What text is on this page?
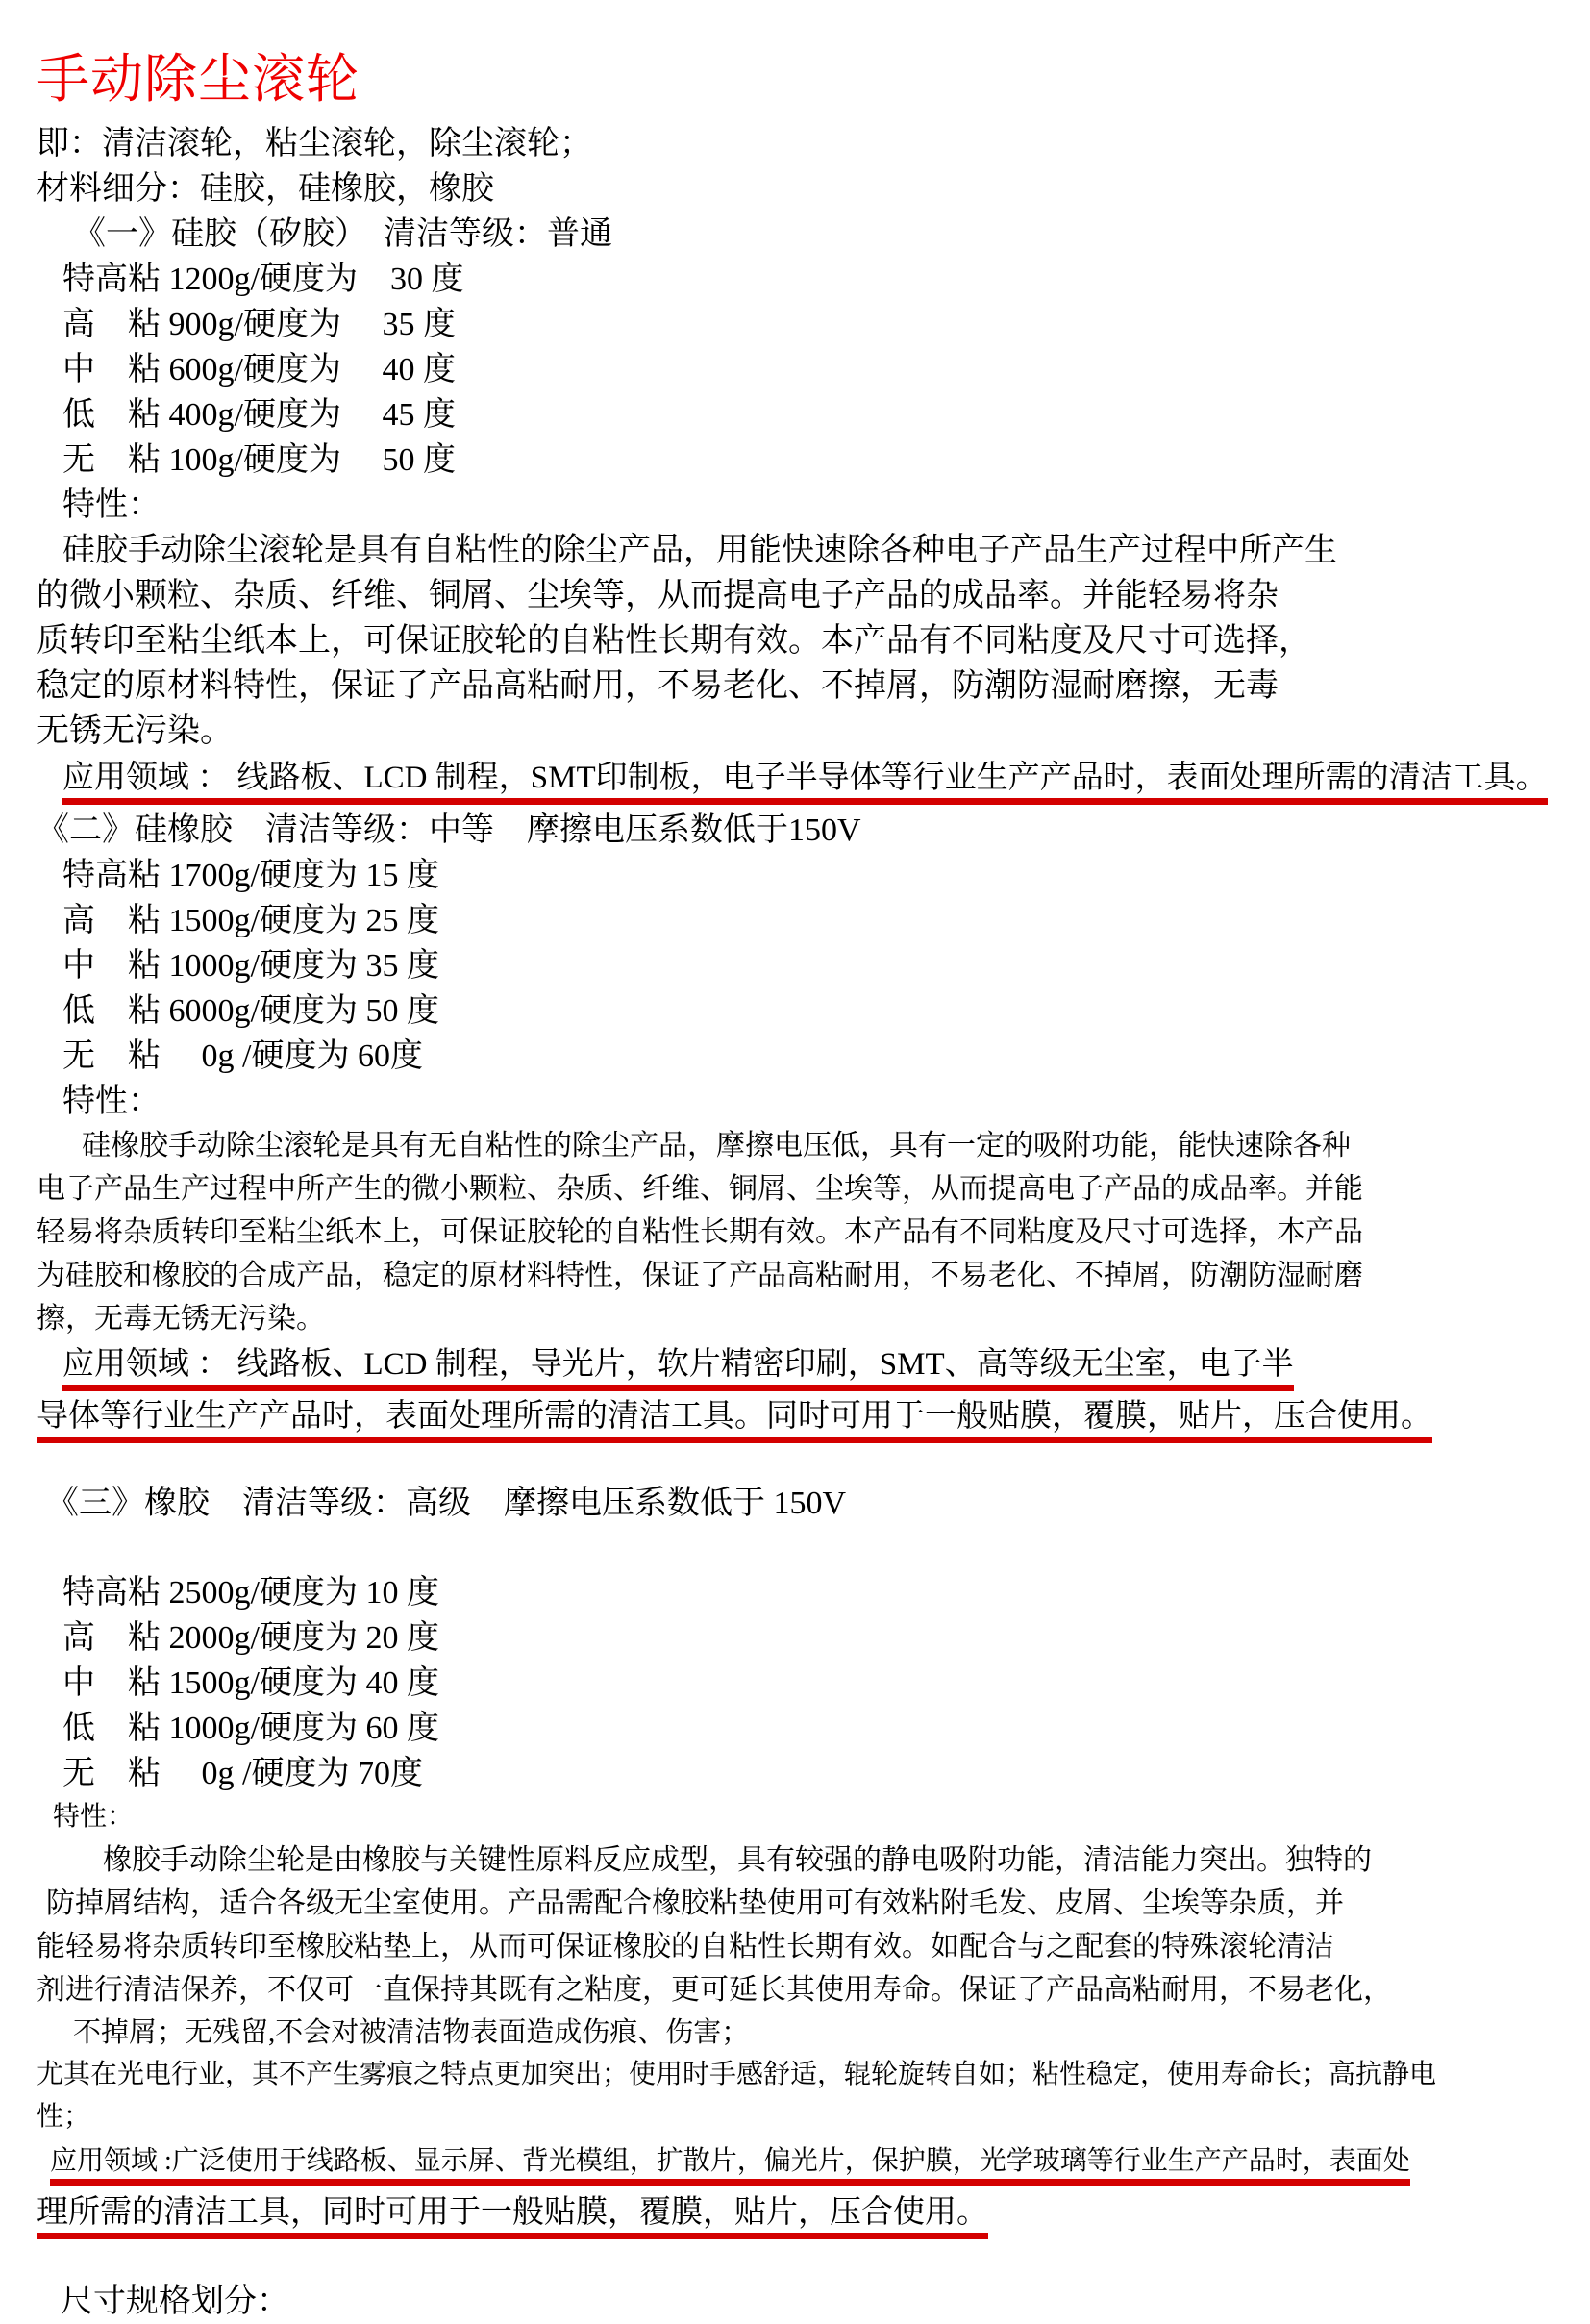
手动除尘滚轮
即：清洁滚轮，粘尘滚轮，除尘滚轮；
材料细分：硅胶，硅橡胶，橡胶
《一》硅胶（矽胶）　清洁等级：普通
特高粘 1200g/硬度为　30 度
高　粘 900g/硬度为　 35 度
中　粘 600g/硬度为　 40 度
低　粘 400g/硬度为　 45 度
无　粘 100g/硬度为　 50 度
特性：
硅胶手动除尘滚轮是具有自粘性的除尘产品，用能快速除各种电子产品生产过程中所产生
的微小颗粒、杂质、纤维、铜屑、尘埃等，从而提高电子产品的成品率。并能轻易将杂
质转印至粘尘纸本上，可保证胶轮的自粘性长期有效。本产品有不同粘度及尺寸可选择，
稳定的原材料特性，保证了产品高粘耐用，不易老化、不掉屑，防潮防湿耐磨擦，无毒
无锈无污染。
应用领域 ： 线路板、LCD 制程，SMT印制板，电子半导体等行业生产产品时，表面处理所需的清洁工具。
《二》硅橡胶　清洁等级：中等　摩擦电压系数低于150V
特高粘 1700g/硬度为 15 度
高　粘 1500g/硬度为 25 度
中　粘 1000g/硬度为 35 度
低　粘 6000g/硬度为 50 度
无　粘　 0g /硬度为 60度
特性：
硅橡胶手动除尘滚轮是具有无自粘性的除尘产品，摩擦电压低，具有一定的吸附功能，能快速除各种
电子产品生产过程中所产生的微小颗粒、杂质、纤维、铜屑、尘埃等，从而提高电子产品的成品率。并能
轻易将杂质转印至粘尘纸本上，可保证胶轮的自粘性长期有效。本产品有不同粘度及尺寸可选择，本产品
为硅胶和橡胶的合成产品，稳定的原材料特性，保证了产品高粘耐用，不易老化、不掉屑，防潮防湿耐磨
擦，无毒无锈无污染。
应用领域 ： 线路板、LCD 制程，导光片，软片精密印刷，SMT、高等级无尘室，电子半
导体等行业生产产品时，表面处理所需的清洁工具。同时可用于一般贴膜，覆膜，贴片，压合使用。
《三》橡胶　清洁等级：高级　摩擦电压系数低于 150V
特高粘 2500g/硬度为 10 度
高　粘 2000g/硬度为 20 度
中　粘 1500g/硬度为 40 度
低　粘 1000g/硬度为 60 度
无　粘　 0g /硬度为 70度
特性：
橡胶手动除尘轮是由橡胶与关键性原料反应成型，具有较强的静电吸附功能，清洁能力突出。独特的
防掉屑结构，适合各级无尘室使用。产品需配合橡胶粘垫使用可有效粘附毛发、皮屑、尘埃等杂质，并
能轻易将杂质转印至橡胶粘垫上，从而可保证橡胶的自粘性长期有效。如配合与之配套的特殊滚轮清洁
剂进行清洁保养，不仅可一直保持其既有之粘度，更可延长其使用寿命。保证了产品高粘耐用，不易老化，
不掉屑；无残留,不会对被清洁物表面造成伤痕、伤害；
尤其在光电行业，其不产生雾痕之特点更加突出；使用时手感舒适，辊轮旋转自如；粘性稳定，使用寿命长；高抗静电
性；
应用领域 :广泛使用于线路板、显示屏、背光模组，扩散片，偏光片，保护膜，光学玻璃等行业生产产品时，表面处
理所需的清洁工具，同时可用于一般贴膜，覆膜，贴片，压合使用。
尺寸规格划分：
